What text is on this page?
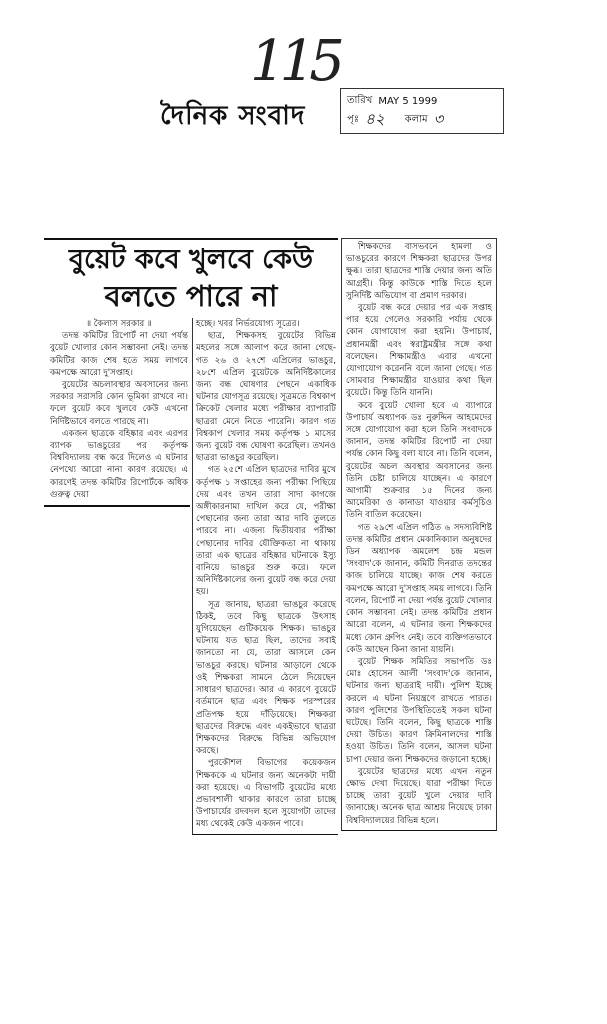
115
দৈনিক সংবাদ
তারিখ MAY 5 1999
পৃঃ ৪২ কলাম ৩
বুয়েট কবে খুলবে কেউ
বলতে পারে না

॥ কৈলাস সরকার ॥

তদন্ত কমিটির রিপোর্ট না দেয়া পর্যন্ত বুয়েট খোলার কোন সম্ভাবনা নেই। তদন্ত কমিটির কাজ শেষ হতে সময় লাগবে কমপক্ষে আরো দু'সপ্তাহ।

বুয়েটের অচলাবস্থার অবসানের জন্য সরকার সরাসরি কোন ভূমিকা রাখবে না। ফলে বুয়েট কবে খুলবে কেউ এখনো নির্দিষ্টভাবে বলতে পারছে না।

একজন ছাত্রকে বহিষ্কার এবং এরপর ব্যাপক ভাঙচুরের পর কর্তৃপক্ষ বিশ্ববিদ্যালয় বন্ধ করে দিলেও এ ঘটনার নেপথ্যে আরো নানা কারণ রয়েছে। এ কারণেই তদন্ত কমিটির রিপোর্টকে অধিক গুরুত্ব দেয়া

হচ্ছে। খবর নির্ভরযোগ্য সূত্রের।

ছাত্র, শিক্ষকসহ বুয়েটের বিভিন্ন মহলের সঙ্গে আলাপ করে জানা গেছে- গত ২৬ ও ২৭শে এপ্রিলের ভাঙচুর, ২৮শে এপ্রিল বুয়েটকে অনির্দিষ্টকালের জন্য বন্ধ ঘোষণার পেছনে একাধিক ঘটনার যোগসূত্র রয়েছে। সূত্রমতে বিশ্বকাপ ক্রিকেট খেলার মধ্যে পরীক্ষার ব্যাপারটি ছাত্ররা মেনে নিতে পারেনি। কারণ গত বিশ্বকাপ খেলার সময় কর্তৃপক্ষ ১ মাসের জন্য বুয়েট বন্ধ ঘোষণা করেছিল। তখনও ছাত্ররা ভাঙচুর করেছিল।

গত ২৫শে এপ্রিল ছাত্রদের দাবির মুখে কর্তৃপক্ষ ১ সপ্তাহের জন্য পরীক্ষা পিছিয়ে দেয় এবং তখন তারা সাদা কাগজে অঙ্গীকারনামা দাখিল করে যে, পরীক্ষা পেছানোর জন্য তারা আর দাবি তুলতে পারবে না। এজন্য দ্বিতীয়বার পরীক্ষা পেছানোর দাবির যৌক্তিকতা না থাকায় তারা এক ছাত্রের বহিষ্কার ঘটনাকে ইস্যু বানিয়ে ভাঙচুর শুরু করে। ফলে অনির্দিষ্টকালের জন্য বুয়েট বন্ধ করে দেয়া হয়।

সূত্র জানায়, ছাত্ররা ভাঙচুর করেছে ঠিকই, তবে কিছু ছাত্রকে উৎসাহ যুগিয়েছেন গুটিকয়েক শিক্ষক। ভাঙচুর ঘটনায় যত ছাত্র ছিল, তাদের সবাই জানতো না যে, তারা আসলে কেন ভাঙচুর করছে। ঘটনার আড়ালে থেকে ওই শিক্ষকরা সামনে ঠেলে দিয়েছেন সাধারণ ছাত্রদের। আর এ কারণে বুয়েটে বর্তমানে ছাত্র এবং শিক্ষক পরস্পরের প্রতিপক্ষ হয়ে দাঁড়িয়েছে। শিক্ষকরা ছাত্রদের বিরুদ্ধে এবং একইভাবে ছাত্ররা শিক্ষকদের বিরুদ্ধে বিভিন্ন অভিযোগ করছে।

পুরকৌশল বিভাগের কয়েকজন শিক্ষককে এ ঘটনার জন্য অনেকটা দায়ী করা হয়েছে। এ বিভাগটি বুয়েটের মধ্যে প্রভাবশালী থাকার কারণে তারা চাচ্ছে উপাচার্যের রদবদল হলে সুযোগটা তাদের মধ্য থেকেই কেউ একজন পাবে।

শিক্ষকদের বাসভবনে হামলা ও ভাঙচুরের কারণে শিক্ষকরা ছাত্রদের উপর ক্ষুব্ধ। তারা ছাত্রদের শাস্তি দেয়ার জন্য অতি আগ্রহী। কিন্তু কাউকে শাস্তি দিতে হলে সুনির্দিষ্ট অভিযোগ বা প্রমাণ দরকার।

বুয়েট বন্ধ করে দেয়ার পর এক সপ্তাহ পার হয়ে গেলেও সরকারি পর্যায় থেকে কোন যোগাযোগ করা হয়নি। উপাচার্য, প্রধানমন্ত্রী এবং স্বরাষ্ট্রমন্ত্রীর সঙ্গে কথা বলেছেন। শিক্ষামন্ত্রীও এবার এখনো যোগাযোগ করেননি বলে জানা গেছে। গত সোমবার শিক্ষামন্ত্রীর যাওয়ার কথা ছিল বুয়েটে। কিন্তু তিনি যাননি।

কবে বুয়েট খোলা হবে এ ব্যাপারে উপাচার্য অধ্যাপক ডঃ নুরুদ্দিন আহমেদের সঙ্গে যোগাযোগ করা হলে তিনি সংবাদকে জানান, তদন্ত কমিটির রিপোর্ট না দেয়া পর্যন্ত কোন কিছু বলা যাবে না। তিনি বলেন, বুয়েটের অচল অবস্থার অবসানের জন্য তিনি চেষ্টা চালিয়ে যাচ্ছেন। এ কারণে আগামী শুক্রবার ১৫ দিনের জন্য আমেরিকা ও কানাডা যাওয়ার কর্মসূচিও তিনি বাতিল করেছেন।

গত ২৯শে এপ্রিল গঠিত ৬ সদস্যবিশিষ্ট তদন্ত কমিটির প্রধান মেকানিক্যাল অনুষদের ডিন অধ্যাপক অমলেশ চন্দ্র মন্ডল 'সংবাদ'কে জানান, কমিটি দিনরাত তদন্তের কাজ চালিয়ে যাচ্ছে। কাজ শেষ করতে কমপক্ষে আরো দু'সপ্তাহ সময় লাগবে। তিনি বলেন, রিপোর্ট না দেয়া পর্যন্ত বুয়েট খোলার কোন সম্ভাবনা নেই। তদন্ত কমিটির প্রধান আরো বলেন, এ ঘটনার জন্য শিক্ষকদের মধ্যে কোন গ্রুপিং নেই। তবে ব্যক্তিগতভাবে কেউ আছেন কিনা জানা যায়নি।

বুয়েট শিক্ষক সমিতির সভাপতি ডঃ মোঃ হোসেন আলী 'সংবাদ'কে জানান, ঘটনার জন্য ছাত্ররাই দায়ী। পুলিশ ইচ্ছে করলে এ ঘটনা নিয়ন্ত্রণে রাখতে পারত। কারণ পুলিশের উপস্থিতিতেই সকল ঘটনা ঘটেছে। তিনি বলেন, কিছু ছাত্রকে শাস্তি দেয়া উচিত। কারণ ক্রিমিনালদের শাস্তি হওয়া উচিত। তিনি বলেন, আসল ঘটনা চাপা দেয়ার জন্য শিক্ষকদের জড়ানো হচ্ছে।

বুয়েটের ছাত্রদের মধ্যে এখন নতুন ক্ষোভ দেখা দিয়েছে। যারা পরীক্ষা দিতে চাচ্ছে তারা বুয়েট খুলে দেয়ার দাবি জানাচ্ছে। অনেক ছাত্র আশ্রয় নিয়েছে ঢাকা বিশ্ববিদ্যালয়ের বিভিন্ন হলে।
